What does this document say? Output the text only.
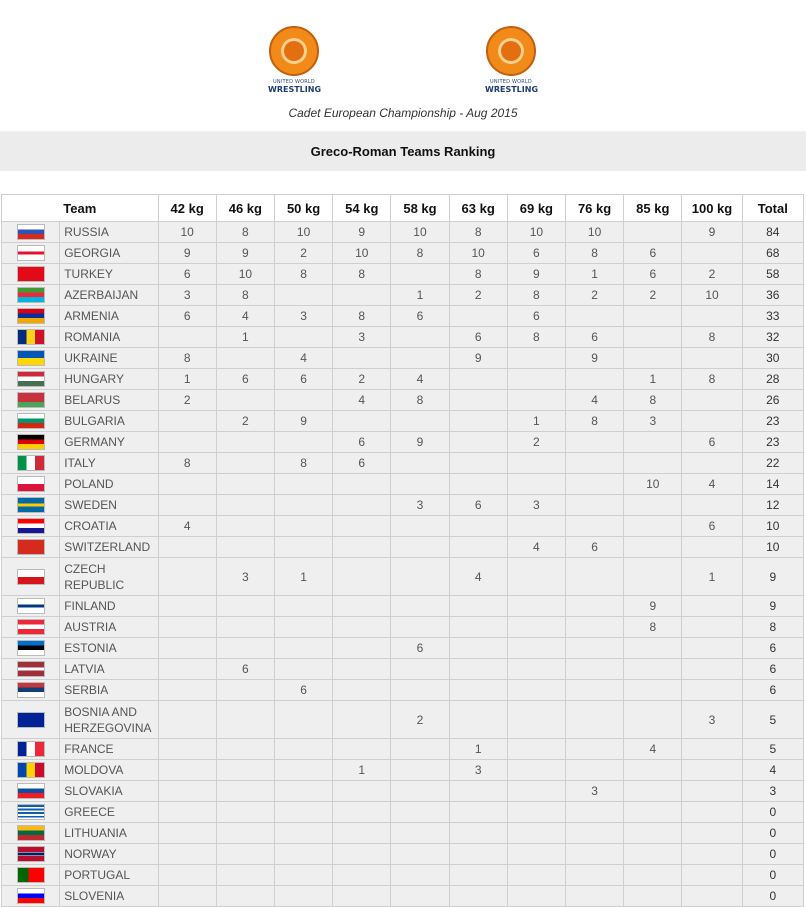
UNITED WORLD
WRESTLING
UNITED WORLD
WRESTLING
Cadet European Championship - Aug 2015
Greco-Roman Teams Ranking
Team		42 kg	46 kg	50 kg	54 kg	58 kg	63 kg	69 kg	76 kg	85 kg	100 kg	Total
	RUSSIA	10	8	10	9	10	8	10	10		9	84
	GEORGIA	9	9	2	10	8	10	6	8	6		68
	TURKEY	6	10	8	8		8	9	1	6	2	58
	AZERBAIJAN	3	8			1	2	8	2	2	10	36
	ARMENIA	6	4	3	8	6		6				33
	ROMANIA		1		3		6	8	6		8	32
	UKRAINE	8		4			9		9			30
	HUNGARY	1	6	6	2	4				1	8	28
	BELARUS	2			4	8			4	8		26
	BULGARIA		2	9				1	8	3		23
	GERMANY				6	9		2			6	23
	ITALY	8		8	6							22
	POLAND									10	4	14
	SWEDEN					3	6	3				12
	CROATIA	4									6	10
	SWITZERLAND							4	6			10
	CZECH REPUBLIC		3	1			4				1	9
	FINLAND									9		9
	AUSTRIA									8		8
	ESTONIA					6						6
	LATVIA		6									6
	SERBIA			6								6
	BOSNIA AND HERZEGOVINA					2					3	5
	FRANCE						1			4		5
	MOLDOVA				1		3					4
	SLOVAKIA								3			3
	GREECE											0
	LITHUANIA											0
	NORWAY											0
	PORTUGAL											0
	SLOVENIA											0
